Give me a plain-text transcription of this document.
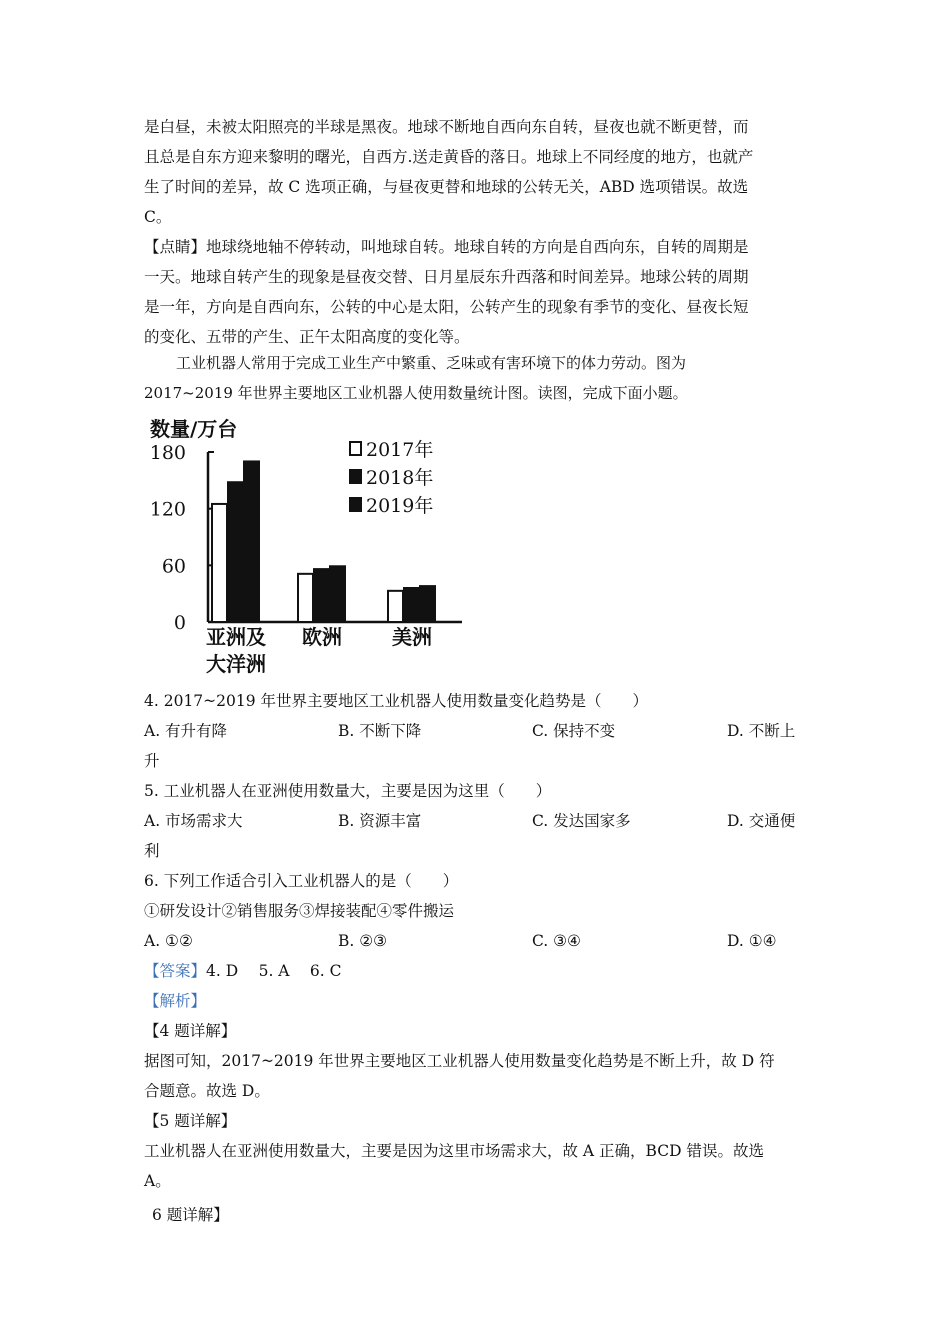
是白昼，未被太阳照亮的半球是黑夜。地球不断地自西向东自转，昼夜也就不断更替，而
且总是自东方迎来黎明的曙光，自西方.送走黄昏的落日。地球上不同经度的地方，也就产
生了时间的差异，故 C 选项正确，与昼夜更替和地球的公转无关，ABD 选项错误。故选
C。
【点睛】地球绕地轴不停转动，叫地球自转。地球自转的方向是自西向东，自转的周期是
一天。地球自转产生的现象是昼夜交替、日月星辰东升西落和时间差异。地球公转的周期
是一年，方向是自西向东，公转的中心是太阳，公转产生的现象有季节的变化、昼夜长短
的变化、五带的产生、正午太阳高度的变化等。
工业机器人常用于完成工业生产中繁重、乏味或有害环境下的体力劳动。图为
2017~2019 年世界主要地区工业机器人使用数量统计图。读图，完成下面小题。
数量/万台
0
60
120
180
亚洲及
大洋洲
欧洲	美洲
2017年
2018年
2019年
4. 2017~2019 年世界主要地区工业机器人使用数量变化趋势是（　　）
A. 有升有降	B. 不断下降	C. 保持不变	D. 不断上
升
5. 工业机器人在亚洲使用数量大，主要是因为这里（　　）
A. 市场需求大	B. 资源丰富	C. 发达国家多	D. 交通便
利
6. 下列工作适合引入工业机器人的是（　　）
①研发设计②销售服务③焊接装配④零件搬运
A. ①②	B. ②③	C. ③④	D. ①④
【答案】4. D　 5. A　 6. C
【解析】
【4 题详解】
据图可知，2017~2019 年世界主要地区工业机器人使用数量变化趋势是不断上升，故 D 符
合题意。故选 D。
【5 题详解】
工业机器人在亚洲使用数量大，主要是因为这里市场需求大，故 A 正确，BCD 错误。故选
A。
6 题详解】
